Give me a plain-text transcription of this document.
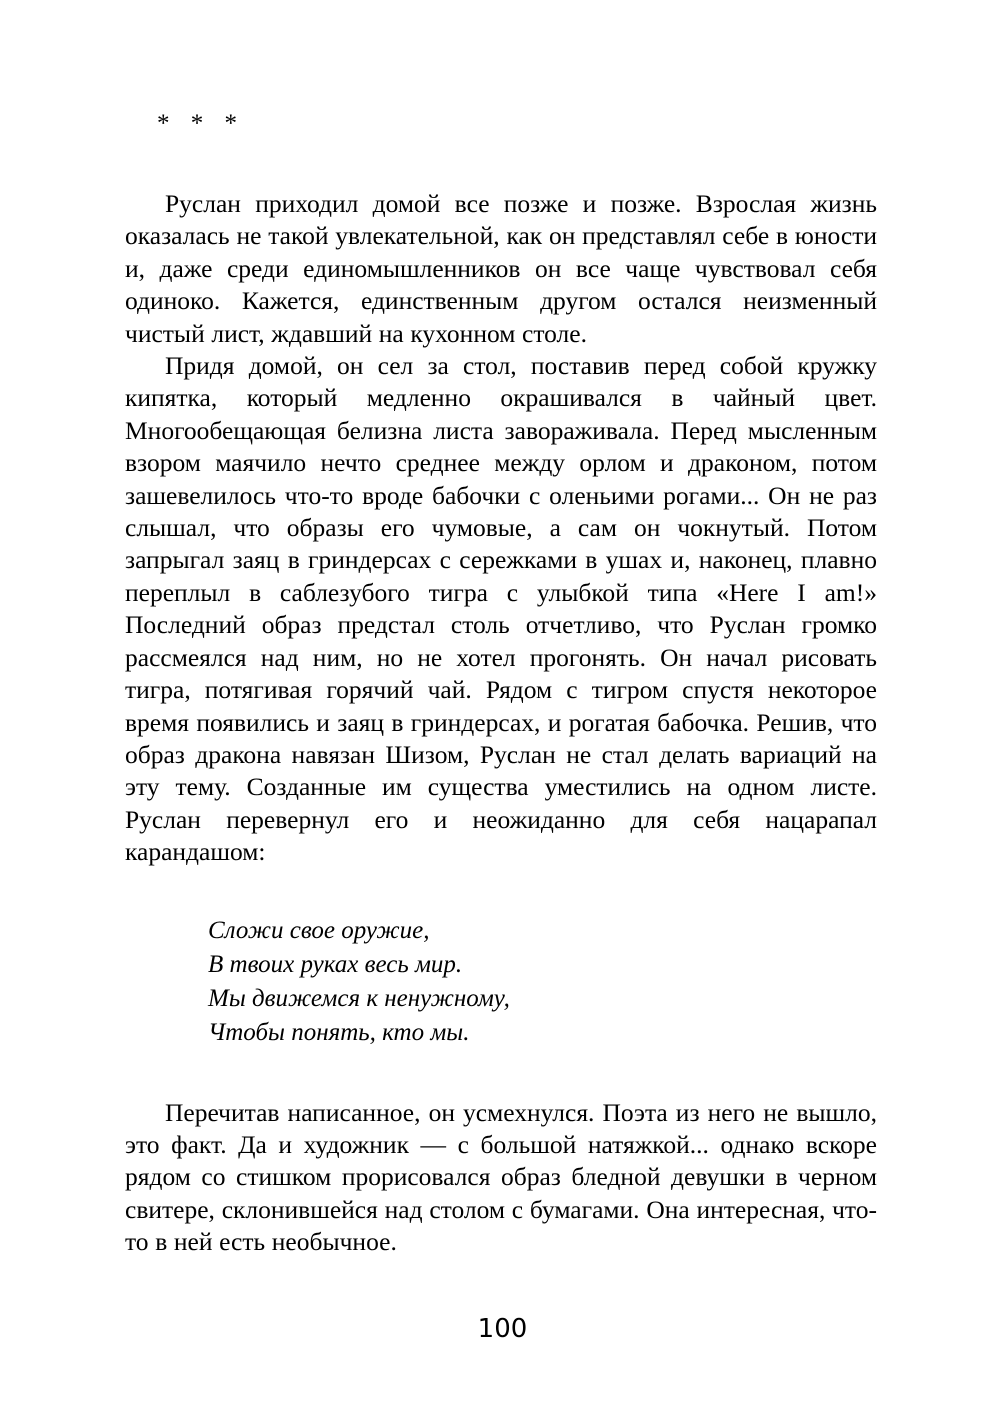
* * *

Руслан приходил домой все позже и позже. Взрослая жизнь оказалась не такой увлекательной, как он представлял себе в юности и, даже среди единомышленников он все чаще чувствовал себя одиноко. Кажется, единственным другом остался неизменный чистый лист, ждавший на кухонном столе.

Придя домой, он сел за стол, поставив перед собой кружку кипятка, который медленно окрашивался в чайный цвет. Многообещающая белизна листа завораживала. Перед мысленным взором маячило нечто среднее между орлом и драконом, потом зашевелилось что-то вроде бабочки с оленьими рогами... Он не раз слышал, что образы его чумовые, а сам он чокнутый. Потом запрыгал заяц в гриндерсах с сережками в ушах и, наконец, плавно переплыл в саблезубого тигра с улыбкой типа «Here I am!» Последний образ предстал столь отчетливо, что Руслан громко рассмеялся над ним, но не хотел прогонять. Он начал рисовать тигра, потягивая горячий чай. Рядом с тигром спустя некоторое время появились и заяц в гриндерсах, и рогатая бабочка. Решив, что образ дракона навязан Шизом, Руслан не стал делать вариаций на эту тему. Созданные им существа уместились на одном листе. Руслан перевернул его и неожиданно для себя нацарапал карандашом:

Сложи свое оружие,
В твоих руках весь мир.
Мы движемся к ненужному,
Чтобы понять, кто мы.

Перечитав написанное, он усмехнулся. Поэта из него не вышло, это факт. Да и художник — с большой натяжкой... однако вскоре рядом со стишком прорисовался образ бледной девушки в черном свитере, склонившейся над столом с бумагами. Она интересная, что-то в ней есть необычное.

100
